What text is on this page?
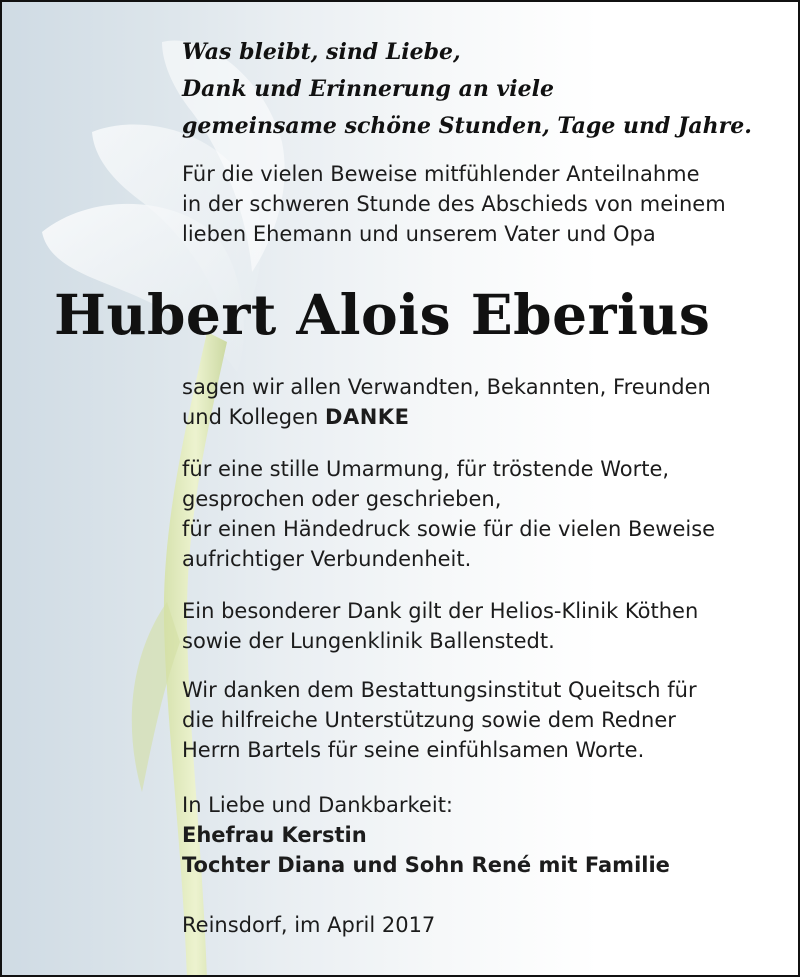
Was bleibt, sind Liebe,
Dank und Erinnerung an viele
gemeinsame schöne Stunden, Tage und Jahre.

Für die vielen Beweise mitfühlender Anteilnahme
in der schweren Stunde des Abschieds von meinem
lieben Ehemann und unserem Vater und Opa

Hubert Alois Eberius

sagen wir allen Verwandten, Bekannten, Freunden
und Kollegen DANKE

für eine stille Umarmung, für tröstende Worte,
gesprochen oder geschrieben,
für einen Händedruck sowie für die vielen Beweise
aufrichtiger Verbundenheit.

Ein besonderer Dank gilt der Helios-Klinik Köthen
sowie der Lungenklinik Ballenstedt.

Wir danken dem Bestattungsinstitut Queitsch für
die hilfreiche Unterstützung sowie dem Redner
Herrn Bartels für seine einfühlsamen Worte.

In Liebe und Dankbarkeit:
Ehefrau Kerstin
Tochter Diana und Sohn René mit Familie

Reinsdorf, im April 2017
